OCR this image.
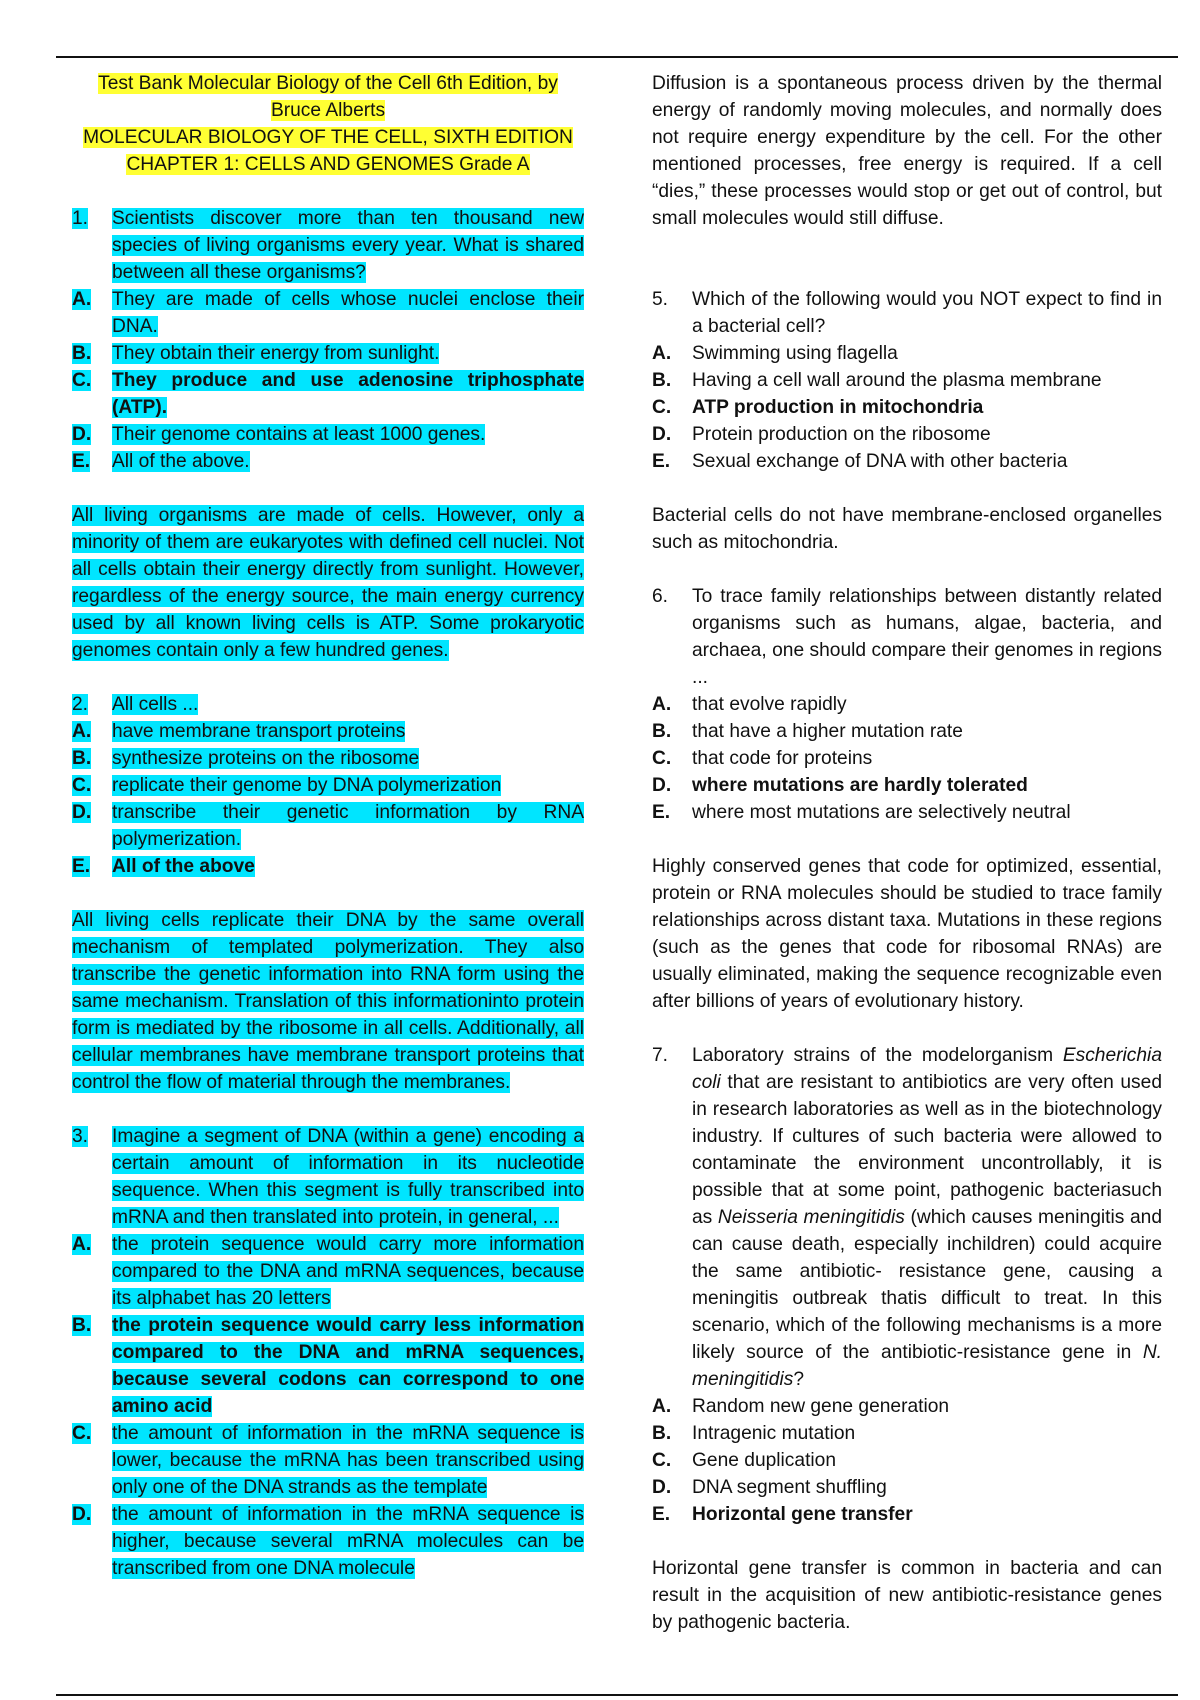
Test Bank Molecular Biology of the Cell 6th Edition, by
Bruce Alberts
MOLECULAR BIOLOGY OF THE CELL, SIXTH EDITION
CHAPTER 1: CELLS AND GENOMES Grade A
1.	Scientists discover more than ten thousand new species of living organisms every year. What is shared between all these organisms?
A.	They are made of cells whose nuclei enclose their DNA.
B.	They obtain their energy from sunlight.
C.	They produce and use adenosine triphosphate (ATP).
D.	Their genome contains at least 1000 genes.
E.	All of the above.
All living organisms are made of cells. However, only a minority of them are eukaryotes with defined cell nuclei. Not all cells obtain their energy directly from sunlight. However, regardless of the energy source, the main energy currency used by all known living cells is ATP. Some prokaryotic genomes contain only a few hundred genes.
2.	All cells ...
A.	have membrane transport proteins
B.	synthesize proteins on the ribosome
C.	replicate their genome by DNA polymerization
D.	transcribe their genetic information by RNA polymerization.
E.	All of the above
All living cells replicate their DNA by the same overall mechanism of templated polymerization. They also transcribe the genetic information into RNA form using the same mechanism. Translation of this informationinto protein form is mediated by the ribosome in all cells. Additionally, all cellular membranes have membrane transport proteins that control the flow of material through the membranes.
3.	Imagine a segment of DNA (within a gene) encoding a certain amount of information in its nucleotide sequence. When this segment is fully transcribed into mRNA and then translated into protein, in general, ...
A.	the protein sequence would carry more information compared to the DNA and mRNA sequences, because its alphabet has 20 letters
B.	the protein sequence would carry less information compared to the DNA and mRNA sequences, because several codons can correspond to one amino acid
C.	the amount of information in the mRNA sequence is lower, because the mRNA has been transcribed using only one of the DNA strands as the template
D.	the amount of information in the mRNA sequence is higher, because several mRNA molecules can be transcribed from one DNA molecule
Diffusion is a spontaneous process driven by the thermal energy of randomly moving molecules, and normally does not require energy expenditure by the cell. For the other mentioned processes, free energy is required. If a cell “dies,” these processes would stop or get out of control, but small molecules would still diffuse.
5.	Which of the following would you NOT expect to find in a bacterial cell?
A.	Swimming using flagella
B.	Having a cell wall around the plasma membrane
C.	ATP production in mitochondria
D.	Protein production on the ribosome
E.	Sexual exchange of DNA with other bacteria
Bacterial cells do not have membrane-enclosed organelles such as mitochondria.
6.	To trace family relationships between distantly related organisms such as humans, algae, bacteria, and archaea, one should compare their genomes in regions ...
A.	that evolve rapidly
B.	that have a higher mutation rate
C.	that code for proteins
D.	where mutations are hardly tolerated
E.	where most mutations are selectively neutral
Highly conserved genes that code for optimized, essential, protein or RNA molecules should be studied to trace family relationships across distant taxa. Mutations in these regions (such as the genes that code for ribosomal RNAs) are usually eliminated, making the sequence recognizable even after billions of years of evolutionary history.
7.	Laboratory strains of the modelorganism Escherichia coli that are resistant to antibiotics are very often used in research laboratories as well as in the biotechnology industry. If cultures of such bacteria were allowed to contaminate the environment uncontrollably, it is possible that at some point, pathogenic bacteriasuch as Neisseria meningitidis (which causes meningitis and can cause death, especially inchildren) could acquire the same antibiotic- resistance gene, causing a meningitis outbreak thatis difficult to treat. In this scenario, which of the following mechanisms is a more likely source of the antibiotic-resistance gene in N. meningitidis?
A.	Random new gene generation
B.	Intragenic mutation
C.	Gene duplication
D.	DNA segment shuffling
E.	Horizontal gene transfer
Horizontal gene transfer is common in bacteria and can result in the acquisition of new antibiotic-resistance genes by pathogenic bacteria.
